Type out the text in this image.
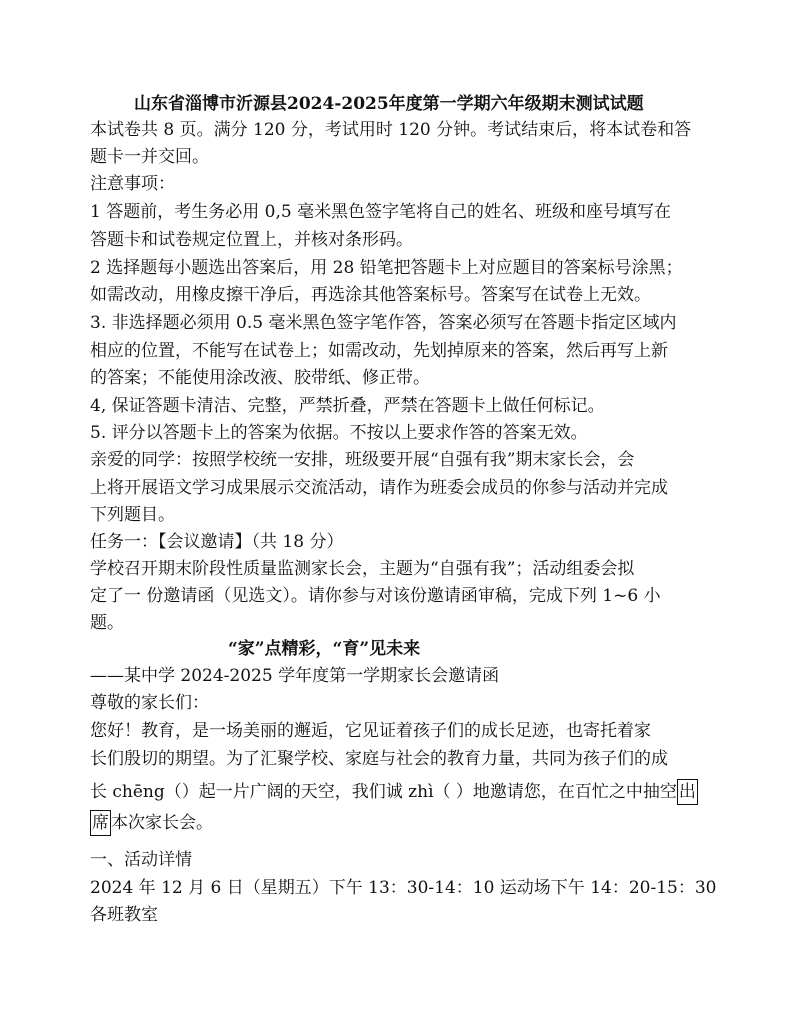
山东省淄博市沂源县2024-2025年度第一学期六年级期末测试试题
本试卷共 8 页。满分 120 分，考试用时 120 分钟。考试结束后，将本试卷和答
题卡一并交回。
注意事项：
1 答题前，考生务必用 0,5 毫米黑色签字笔将自己的姓名、班级和座号填写在
答题卡和试卷规定位置上，并核对条形码。
2 选择题每小题选出答案后，用 28 铅笔把答题卡上对应题目的答案标号涂黑；
如需改动，用橡皮擦干净后，再选涂其他答案标号。答案写在试卷上无效。
3. 非选择题必须用 0.5 毫米黑色签字笔作答，答案必须写在答题卡指定区域内
相应的位置，不能写在试卷上；如需改动，先划掉原来的答案，然后再写上新
的答案；不能使用涂改液、胶带纸、修正带。
4, 保证答题卡清洁、完整，严禁折叠，严禁在答题卡上做任何标记。
5. 评分以答题卡上的答案为依据。不按以上要求作答的答案无效。
亲爱的同学：按照学校统一安排，班级要开展“自强有我”期末家长会，会
上将开展语文学习成果展示交流活动，请作为班委会成员的你参与活动并完成
下列题目。
任务一：【会议邀请】（共 18 分）
学校召开期末阶段性质量监测家长会，主题为“自强有我”；活动组委会拟
定了一 份邀请函（见选文）。请你参与对该份邀请函审稿，完成下列 1~6 小
题。
“家”点精彩，“育”见未来
——某中学 2024-2025 学年度第一学期家长会邀请函
尊敬的家长们：
您好！教育，是一场美丽的邂逅，它见证着孩子们的成长足迹，也寄托着家
长们殷切的期望。为了汇聚学校、家庭与社会的教育力量，共同为孩子们的成
长 chēng（）起一片广阔的天空，我们诚 zhì（ ）地邀请您，在百忙之中抽空 出
席 本次家长会。
一、活动详情
2024 年 12 月 6 日（星期五）下午 13：30-14：10 运动场下午 14：20-15：30
各班教室
